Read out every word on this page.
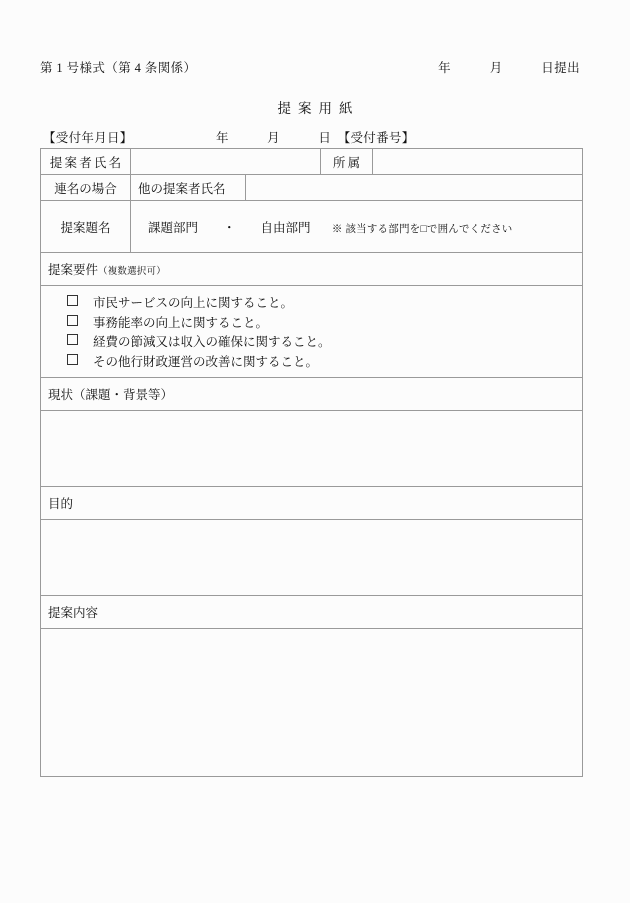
第 1 号様式（第 4 条関係）	年　　　月　　　日提出
提案用紙
【受付年月日】　　　　　　　年　　　月　　　日　【受付番号】
提案者氏名			所属	

連名の場合	他の提案者氏名			

提案題名	課題部門　　・　　自由部門　　※ 該当する部門を□で囲んでください			

提案要件（複数選択可）				

市民サービスの向上に関すること。
事務能率の向上に関すること。
経費の節減又は収入の確保に関すること。
その他行財政運営の改善に関すること。				

現状（課題・背景等）				

目的				

提案内容				
